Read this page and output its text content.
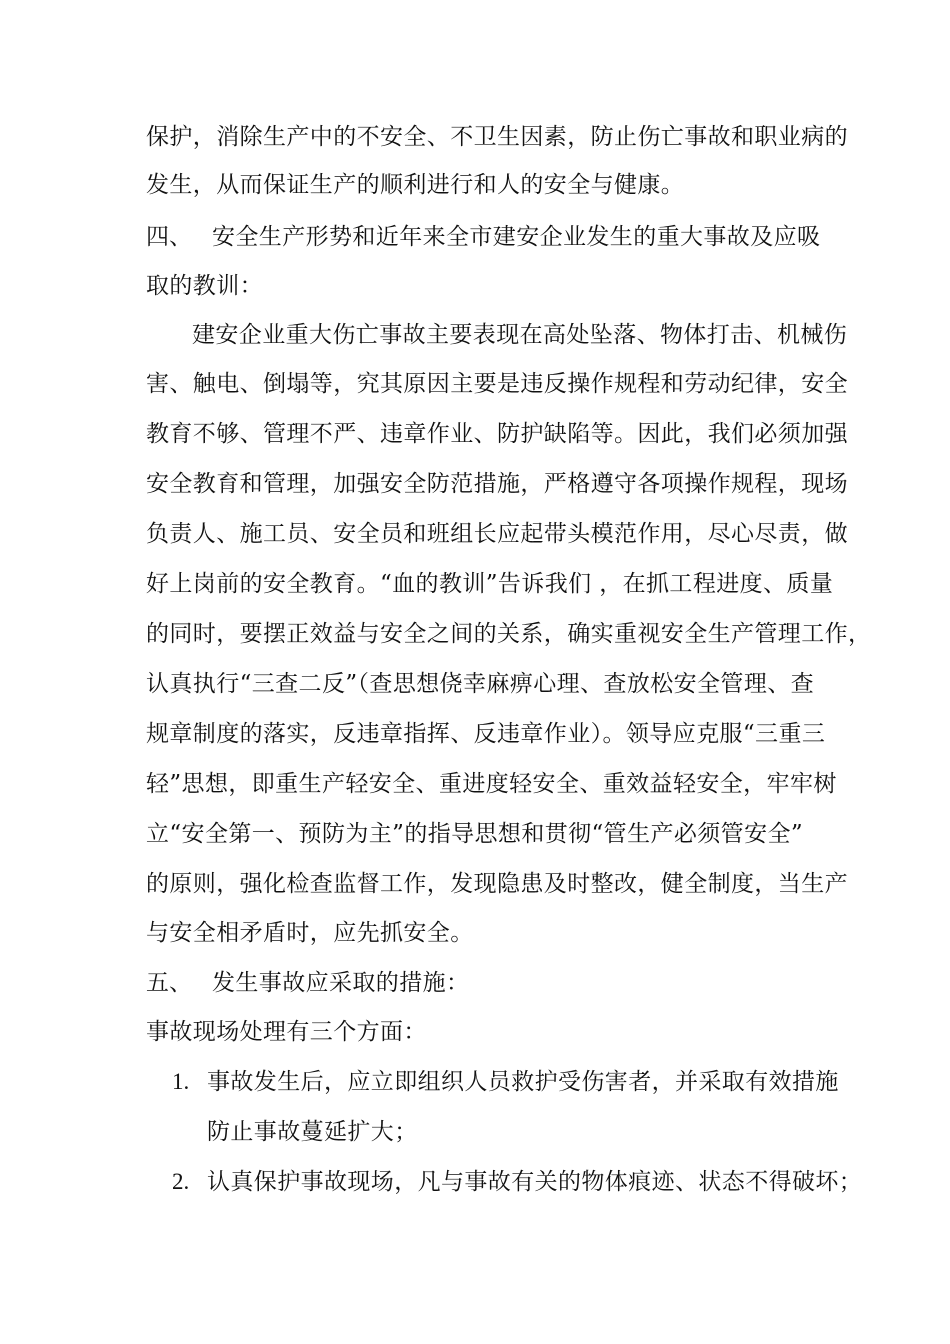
保护，消除生产中的不安全、不卫生因素，防止伤亡事故和职业病的
发生，从而保证生产的顺利进行和人的安全与健康。
四、 安全生产形势和近年来全市建安企业发生的重大事故及应吸
取的教训：
建安企业重大伤亡事故主要表现在高处坠落、物体打击、机械伤
害、触电、倒塌等，究其原因主要是违反操作规程和劳动纪律，安全
教育不够、管理不严、违章作业、防护缺陷等。因此，我们必须加强
安全教育和管理，加强安全防范措施，严格遵守各项操作规程，现场
负责人、施工员、安全员和班组长应起带头模范作用，尽心尽责，做
好上岗前的安全教育。“血的教训”告诉我们 ，在抓工程进度、质量
的同时，要摆正效益与安全之间的关系，确实重视安全生产管理工作，
认真执行“三查二反”（查思想侥幸麻痹心理、查放松安全管理、查
规章制度的落实，反违章指挥、反违章作业）。领导应克服“三重三
轻”思想，即重生产轻安全、重进度轻安全、重效益轻安全，牢牢树
立“安全第一、预防为主”的指导思想和贯彻“管生产必须管安全”
的原则，强化检查监督工作，发现隐患及时整改，健全制度，当生产
与安全相矛盾时，应先抓安全。
五、 发生事故应采取的措施：
事故现场处理有三个方面：
1. 事故发生后，应立即组织人员救护受伤害者，并采取有效措施
防止事故蔓延扩大；
2. 认真保护事故现场，凡与事故有关的物体痕迹、状态不得破坏；
